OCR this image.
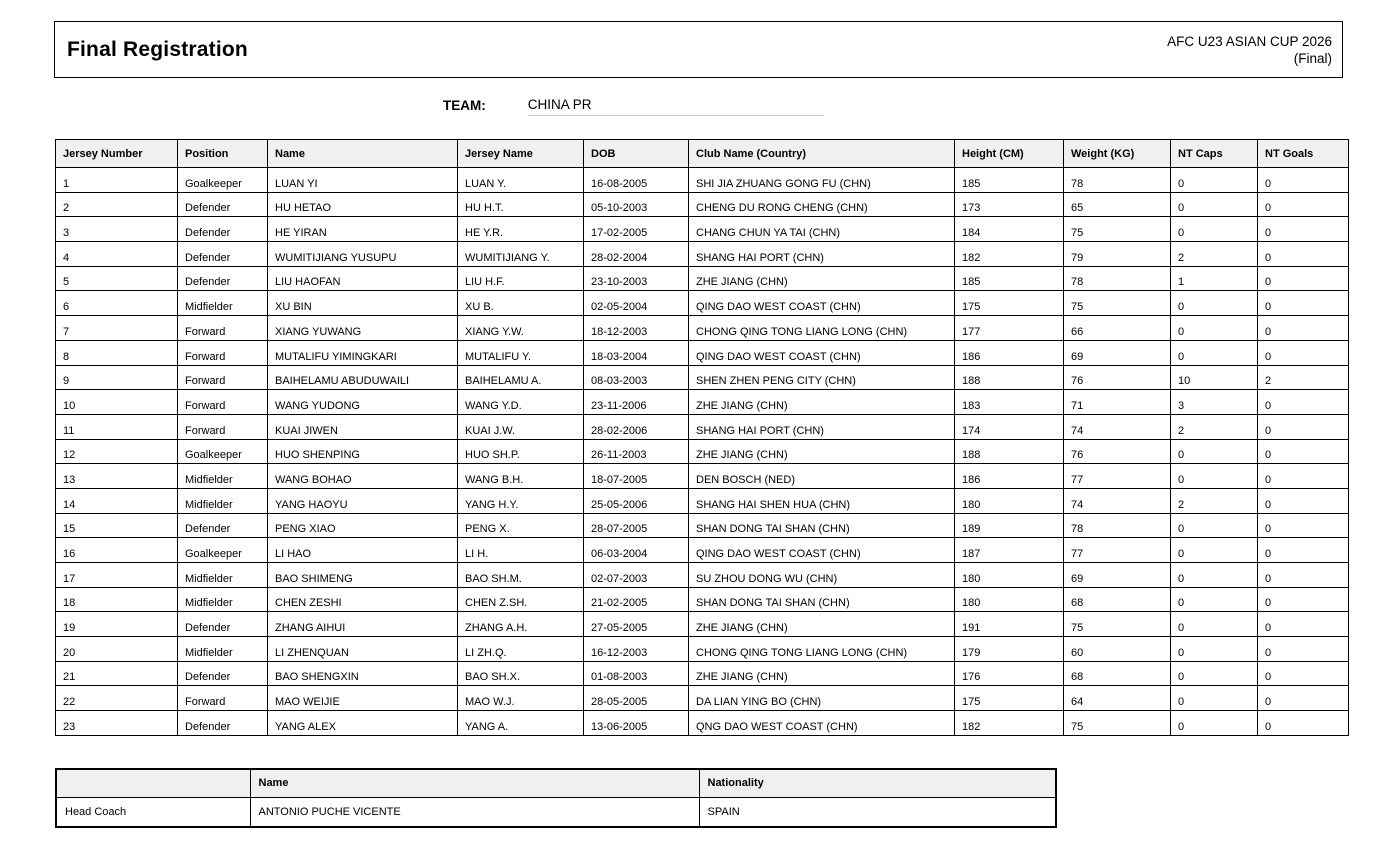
Final Registration	AFC U23 ASIAN CUP 2026
(Final)
TEAM:	CHINA PR
Jersey Number	Position	Name	Jersey Name	DOB	Club Name (Country)	Height (CM)	Weight (KG)	NT Caps	NT Goals
1	Goalkeeper	LUAN YI	LUAN Y.	16-08-2005	SHI JIA ZHUANG GONG FU (CHN)	185	78	0	0
2	Defender	HU HETAO	HU H.T.	05-10-2003	CHENG DU RONG CHENG (CHN)	173	65	0	0
3	Defender	HE YIRAN	HE Y.R.	17-02-2005	CHANG CHUN YA TAI (CHN)	184	75	0	0
4	Defender	WUMITIJIANG YUSUPU	WUMITIJIANG Y.	28-02-2004	SHANG HAI PORT (CHN)	182	79	2	0
5	Defender	LIU HAOFAN	LIU H.F.	23-10-2003	ZHE JIANG (CHN)	185	78	1	0
6	Midfielder	XU BIN	XU B.	02-05-2004	QING DAO WEST COAST (CHN)	175	75	0	0
7	Forward	XIANG YUWANG	XIANG Y.W.	18-12-2003	CHONG QING TONG LIANG LONG (CHN)	177	66	0	0
8	Forward	MUTALIFU YIMINGKARI	MUTALIFU Y.	18-03-2004	QING DAO WEST COAST (CHN)	186	69	0	0
9	Forward	BAIHELAMU ABUDUWAILI	BAIHELAMU A.	08-03-2003	SHEN ZHEN PENG CITY (CHN)	188	76	10	2
10	Forward	WANG YUDONG	WANG Y.D.	23-11-2006	ZHE JIANG (CHN)	183	71	3	0
11	Forward	KUAI JIWEN	KUAI J.W.	28-02-2006	SHANG HAI PORT (CHN)	174	74	2	0
12	Goalkeeper	HUO SHENPING	HUO SH.P.	26-11-2003	ZHE JIANG (CHN)	188	76	0	0
13	Midfielder	WANG BOHAO	WANG B.H.	18-07-2005	DEN BOSCH (NED)	186	77	0	0
14	Midfielder	YANG HAOYU	YANG H.Y.	25-05-2006	SHANG HAI SHEN HUA (CHN)	180	74	2	0
15	Defender	PENG XIAO	PENG X.	28-07-2005	SHAN DONG TAI SHAN (CHN)	189	78	0	0
16	Goalkeeper	LI HAO	LI H.	06-03-2004	QING DAO WEST COAST (CHN)	187	77	0	0
17	Midfielder	BAO SHIMENG	BAO SH.M.	02-07-2003	SU ZHOU DONG WU (CHN)	180	69	0	0
18	Midfielder	CHEN ZESHI	CHEN Z.SH.	21-02-2005	SHAN DONG TAI SHAN (CHN)	180	68	0	0
19	Defender	ZHANG AIHUI	ZHANG A.H.	27-05-2005	ZHE JIANG (CHN)	191	75	0	0
20	Midfielder	LI ZHENQUAN	LI ZH.Q.	16-12-2003	CHONG QING TONG LIANG LONG (CHN)	179	60	0	0
21	Defender	BAO SHENGXIN	BAO SH.X.	01-08-2003	ZHE JIANG (CHN)	176	68	0	0
22	Forward	MAO WEIJIE	MAO W.J.	28-05-2005	DA LIAN YING BO (CHN)	175	64	0	0
23	Defender	YANG ALEX	YANG A.	13-06-2005	QNG DAO WEST COAST (CHN)	182	75	0	0
	Name	Nationality
Head Coach	ANTONIO PUCHE VICENTE	SPAIN
